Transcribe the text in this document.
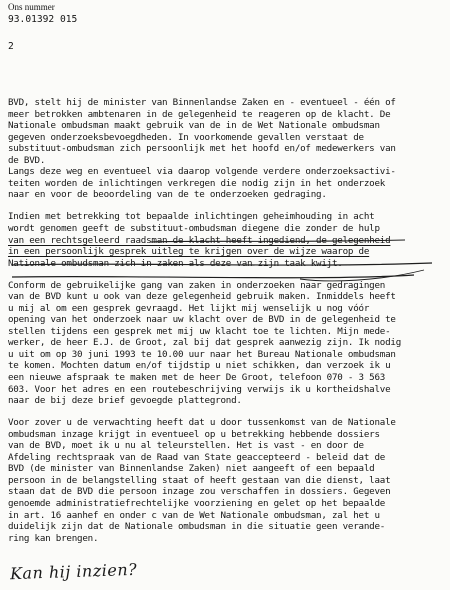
Ons nummer
93.01392 015
2
BVD, stelt hij de minister van Binnenlandse Zaken en - eventueel - één of
meer betrokken ambtenaren in de gelegenheid te reageren op de klacht. De
Nationale ombudsman maakt gebruik van de in de Wet Nationale ombudsman
gegeven onderzoeksbevoegdheden. In voorkomende gevallen verstaat de
substituut-ombudsman zich persoonlijk met het hoofd en/of medewerkers van
de BVD.
Langs deze weg en eventueel via daarop volgende verdere onderzoeksactivi-
teiten worden de inlichtingen verkregen die nodig zijn in het onderzoek
naar en voor de beoordeling van de te onderzoeken gedraging.
Indien met betrekking tot bepaalde inlichtingen geheimhouding in acht
wordt genomen geeft de substituut-ombudsman diegene die zonder de hulp
van een rechtsgeleerd raadsman de klacht heeft ingediend, de gelegenheid
in een persoonlijk gesprek uitleg te krijgen over de wijze waarop de
Nationale ombudsman zich in zaken als deze van zijn taak kwijt.
Conform de gebruikelijke gang van zaken in onderzoeken naar gedragingen
van de BVD kunt u ook van deze gelegenheid gebruik maken. Inmiddels heeft
u mij al om een gesprek gevraagd. Het lijkt mij wenselijk u nog vóór
opening van het onderzoek naar uw klacht over de BVD in de gelegenheid te
stellen tijdens een gesprek met mij uw klacht toe te lichten. Mijn mede-
werker, de heer E.J. de Groot, zal bij dat gesprek aanwezig zijn. Ik nodig
u uit om op 30 juni 1993 te 10.00 uur naar het Bureau Nationale ombudsman
te komen. Mochten datum en/of tijdstip u niet schikken, dan verzoek ik u
een nieuwe afspraak te maken met de heer De Groot, telefoon 070 - 3 563
603. Voor het adres en een routebeschrijving verwijs ik u kortheidshalve
naar de bij deze brief gevoegde plattegrond.
Voor zover u de verwachting heeft dat u door tussenkomst van de Nationale
ombudsman inzage krijgt in eventueel op u betrekking hebbende dossiers
van de BVD, moet ik u nu al teleurstellen. Het is vast - en door de
Afdeling rechtspraak van de Raad van State geaccepteerd - beleid dat de
BVD (de minister van Binnenlandse Zaken) niet aangeeft of een bepaald
persoon in de belangstelling staat of heeft gestaan van die dienst, laat
staan dat de BVD die persoon inzage zou verschaffen in dossiers. Gegeven
genoemde administratiefrechtelijke voorziening en gelet op het bepaalde
in art. 16 aanhef en onder c van de Wet Nationale ombudsman, zal het u
duidelijk zijn dat de Nationale ombudsman in die situatie geen verande-
ring kan brengen.
Kan hij inzien?
